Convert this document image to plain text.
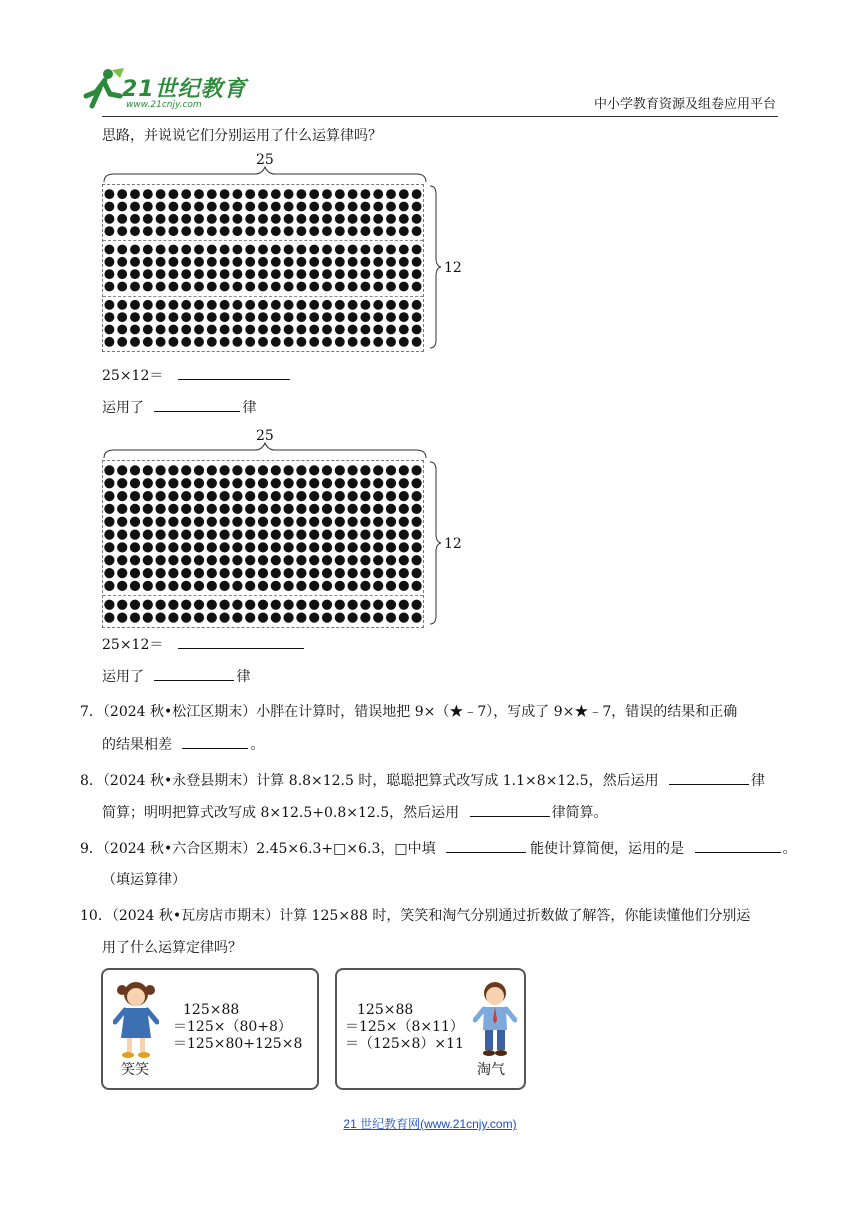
21世纪教育
www.21cnjy.com	中小学教育资源及组卷应用平台
思路，并说说它们分别运用了什么运算律吗？
25
12
25×12＝
运用了	律
25
12
25×12＝
运用了	律
7．（2024 秋•松江区期末）小胖在计算时，错误地把 9×（★﹣7），写成了 9×★﹣7，错误的结果和正确
的结果相差	。
8．（2024 秋•永登县期末）计算 8.8×12.5 时，聪聪把算式改写成 1.1×8×12.5，然后运用	律
简算；明明把算式改写成 8×12.5+0.8×12.5，然后运用	律简算。
9．（2024 秋•六合区期末）2.45×6.3+□×6.3，□中填	能使计算简便，运用的是	。
（填运算律）
10．（2024 秋•瓦房店市期末）计算 125×88 时，笑笑和淘气分别通过折数做了解答，你能读懂他们分别运
用了什么运算定律吗？
笑笑
125×88
＝125×（80+8）
＝125×80+125×8
125×88
＝125×（8×11）
＝（125×8）×11
淘气
21 世纪教育网(www.21cnjy.com)
